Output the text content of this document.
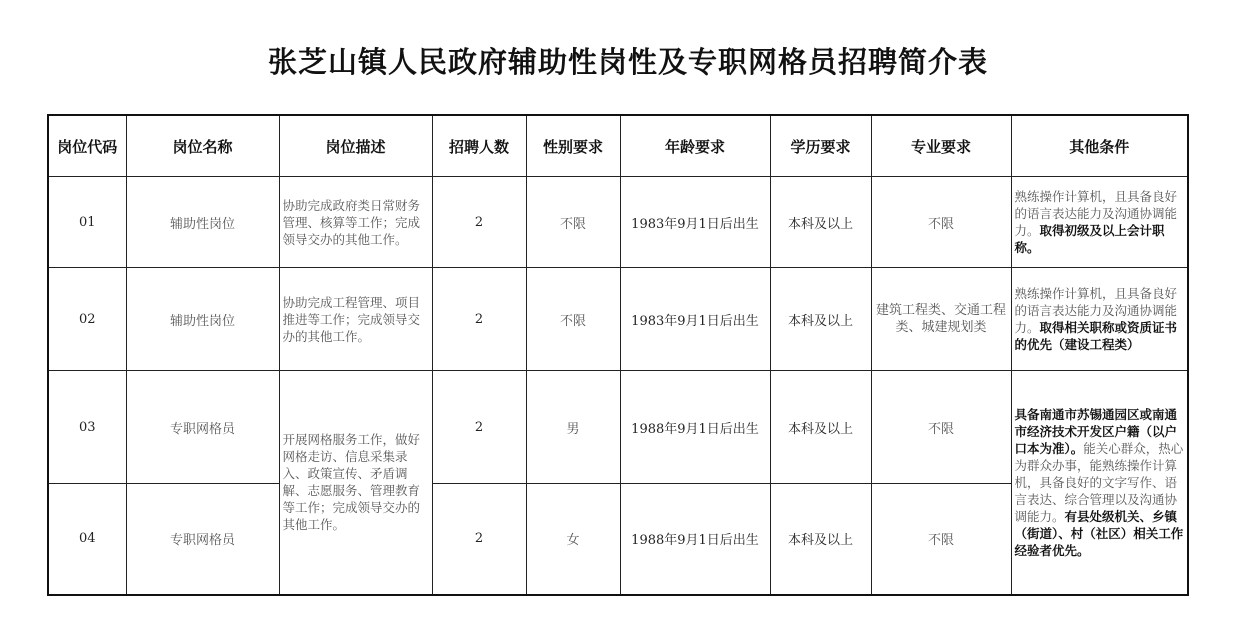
张芝山镇人民政府辅助性岗性及专职网格员招聘简介表
岗位代码	岗位名称	岗位描述	招聘人数	性别要求	年龄要求	学历要求	专业要求	其他条件
01	辅助性岗位	协助完成政府类日常财务管理、核算等工作；完成领导交办的其他工作。	2	不限	1983年9月1日后出生	本科及以上	不限	熟练操作计算机，且具备良好的语言表达能力及沟通协调能力。取得初级及以上会计职称。
02	辅助性岗位	协助完成工程管理、项目推进等工作；完成领导交办的其他工作。	2	不限	1983年9月1日后出生	本科及以上	建筑工程类、交通工程类、城建规划类	熟练操作计算机，且具备良好的语言表达能力及沟通协调能力。取得相关职称或资质证书的优先（建设工程类）
03	专职网格员	开展网格服务工作，做好网格走访、信息采集录入、政策宣传、矛盾调解、志愿服务、管理教育等工作；完成领导交办的其他工作。	2	男	1988年9月1日后出生	本科及以上	不限	具备南通市苏锡通园区或南通市经济技术开发区户籍（以户口本为准）。能关心群众，热心为群众办事，能熟练操作计算机，具备良好的文字写作、语言表达、综合管理以及沟通协调能力。有县处级机关、乡镇（街道）、村（社区）相关工作经验者优先。
04	专职网格员		2	女	1988年9月1日后出生	本科及以上	不限	
